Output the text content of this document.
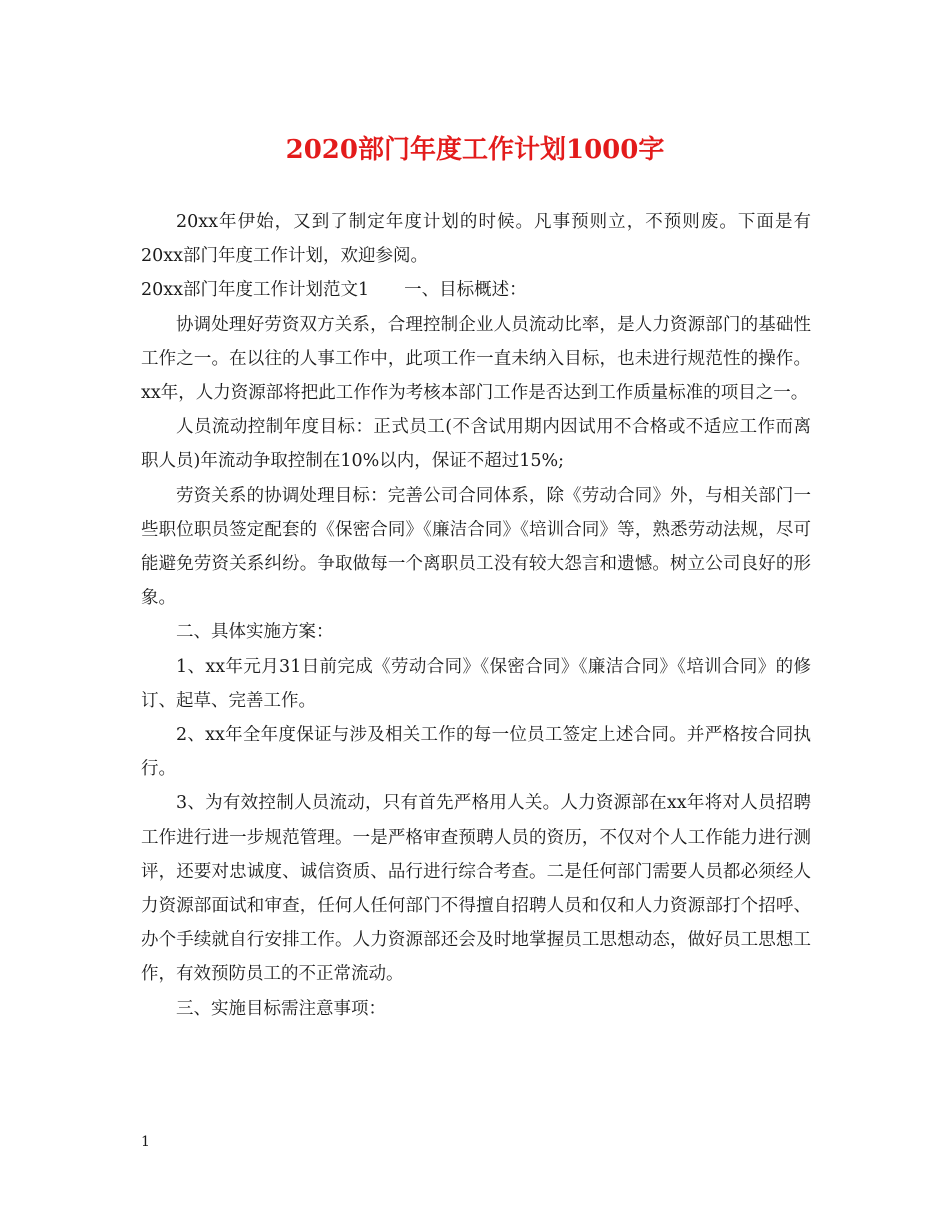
2020部门年度工作计划1000字

20xx年伊始，又到了制定年度计划的时候。凡事预则立，不预则废。下面是有20xx部门年度工作计划，欢迎参阅。

20xx部门年度工作计划范文1　　一、目标概述：

协调处理好劳资双方关系，合理控制企业人员流动比率，是人力资源部门的基础性工作之一。在以往的人事工作中，此项工作一直未纳入目标，也未进行规范性的操作。xx年，人力资源部将把此工作作为考核本部门工作是否达到工作质量标准的项目之一。

人员流动控制年度目标：正式员工(不含试用期内因试用不合格或不适应工作而离职人员)年流动争取控制在10%以内，保证不超过15%;

劳资关系的协调处理目标：完善公司合同体系，除《劳动合同》外，与相关部门一些职位职员签定配套的《保密合同》《廉洁合同》《培训合同》等，熟悉劳动法规，尽可能避免劳资关系纠纷。争取做每一个离职员工没有较大怨言和遗憾。树立公司良好的形象。

二、具体实施方案：

1、xx年元月31日前完成《劳动合同》《保密合同》《廉洁合同》《培训合同》的修订、起草、完善工作。

2、xx年全年度保证与涉及相关工作的每一位员工签定上述合同。并严格按合同执行。

3、为有效控制人员流动，只有首先严格用人关。人力资源部在xx年将对人员招聘工作进行进一步规范管理。一是严格审查预聘人员的资历，不仅对个人工作能力进行测评，还要对忠诚度、诚信资质、品行进行综合考查。二是任何部门需要人员都必须经人力资源部面试和审查，任何人任何部门不得擅自招聘人员和仅和人力资源部打个招呼、办个手续就自行安排工作。人力资源部还会及时地掌握员工思想动态，做好员工思想工作，有效预防员工的不正常流动。

三、实施目标需注意事项：

1
